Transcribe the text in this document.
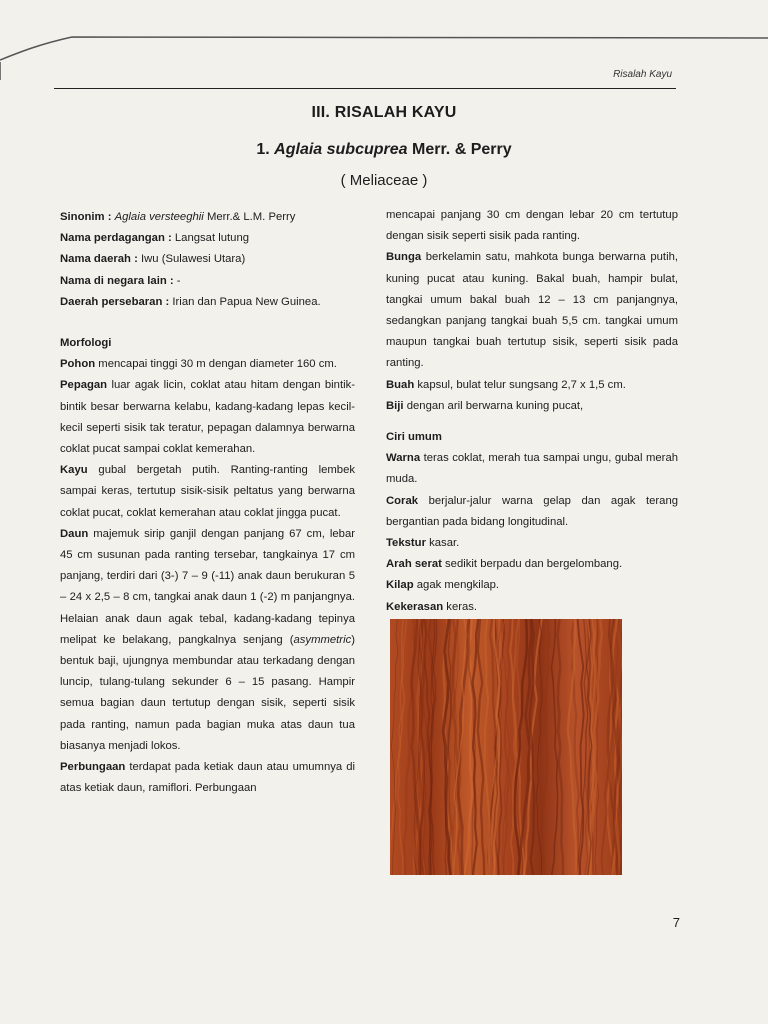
Risalah Kayu
III. RISALAH KAYU
1. Aglaia subcuprea Merr. & Perry
( Meliaceae )

Sinonim : Aglaia versteeghii Merr.& L.M. Perry

Nama perdagangan : Langsat lutung

Nama daerah : Iwu (Sulawesi Utara)

Nama di negara lain : -

Daerah persebaran : Irian dan Papua New Guinea.

Morfologi

Pohon mencapai tinggi 30 m dengan diameter 160 cm.

Pepagan luar agak licin, coklat atau hitam dengan bintik-bintik besar berwarna kelabu, kadang-kadang lepas kecil-kecil seperti sisik tak teratur, pepagan dalamnya berwarna coklat pucat sampai coklat kemerahan.

Kayu gubal bergetah putih. Ranting-ranting lembek sampai keras, tertutup sisik-sisik peltatus yang berwarna coklat pucat, coklat kemerahan atau coklat jingga pucat.

Daun majemuk sirip ganjil dengan panjang 67 cm, lebar 45 cm susunan pada ranting tersebar, tangkainya 17 cm panjang, terdiri dari (3-) 7 – 9 (-11) anak daun berukuran 5 – 24 x 2,5 – 8 cm, tangkai anak daun 1 (-2) m panjangnya. Helaian anak daun agak tebal, kadang-kadang tepinya melipat ke belakang, pangkalnya senjang (asymmetric) bentuk baji, ujungnya membundar atau terkadang dengan luncip, tulang-tulang sekunder 6 – 15 pasang. Hampir semua bagian daun tertutup dengan sisik, seperti sisik pada ranting, namun pada bagian muka atas daun tua biasanya menjadi lokos.

Perbungaan terdapat pada ketiak daun atau umumnya di atas ketiak daun, ramiflori. Perbungaan

mencapai panjang 30 cm dengan lebar 20 cm tertutup dengan sisik seperti sisik pada ranting.

Bunga berkelamin satu, mahkota bunga berwarna putih, kuning pucat atau kuning. Bakal buah, hampir bulat, tangkai umum bakal buah 12 – 13 cm panjangnya, sedangkan panjang tangkai buah 5,5 cm. tangkai umum maupun tangkai buah tertutup sisik, seperti sisik pada ranting.

Buah kapsul, bulat telur sungsang 2,7 x 1,5 cm.

Biji dengan aril berwarna kuning pucat,

Ciri umum

Warna teras coklat, merah tua sampai ungu, gubal merah muda.

Corak berjalur-jalur warna gelap dan agak terang bergantian pada bidang longitudinal.

Tekstur kasar.

Arah serat sedikit berpadu dan bergelombang.

Kilap agak mengkilap.

Kekerasan keras.

7
